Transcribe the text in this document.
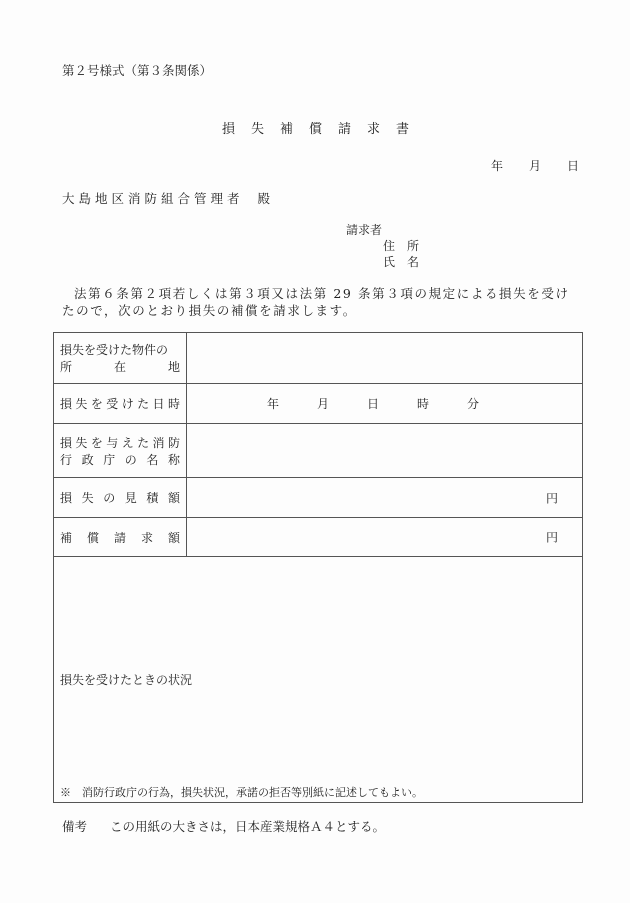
第２号様式（第３条関係）
損失補償請求書
年 月 日
大島地区消防組合管理者 殿
請求者
住　所
氏　名
法第６条第２項若しくは第３項又は法第 29 条第３項の規定による損失を受けたので，次のとおり損失の補償を請求します。
損失を受けた物件の
所 在 地	

損 失 を 受 け た 日 時	年	月	日	時	分

損 失 を 与 え た 消 防
行 政 庁 の 名 称

損 失 の 見 積 額	円

補 償 請 求 額	円

損失を受けたときの状況
※　消防行政庁の行為，損失状況，承諾の拒否等別紙に記述してもよい。	
備考 この用紙の大きさは，日本産業規格Ａ４とする。
